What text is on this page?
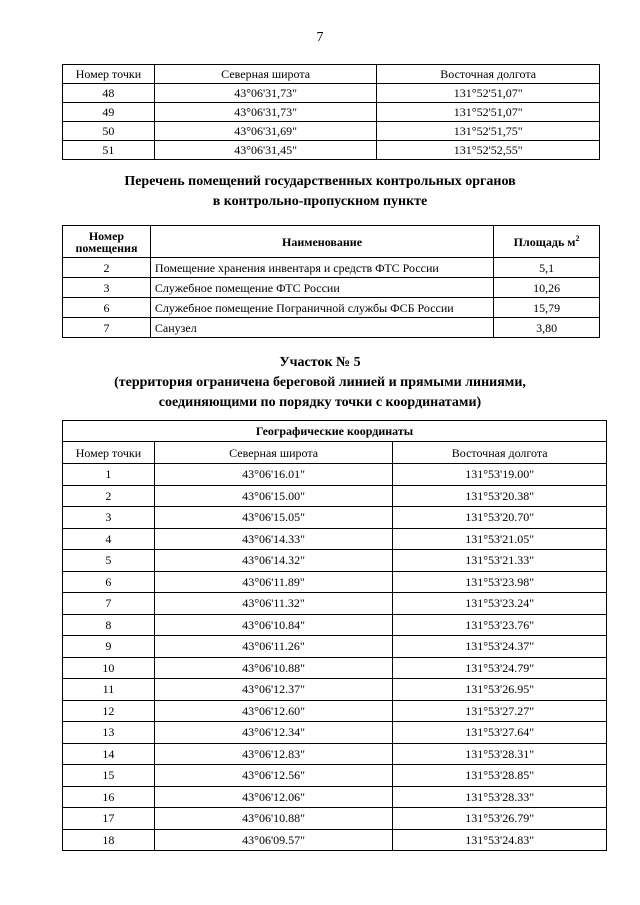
7
Номер точки	Северная широта	Восточная долгота
48	43°06'31,73"	131°52'51,07"
49	43°06'31,73"	131°52'51,07"
50	43°06'31,69"	131°52'51,75"
51	43°06'31,45"	131°52'52,55"
Перечень помещений государственных контрольных органов
в контрольно-пропускном пункте
Номер
помещения	Наименование	Площадь $м^2$
2	Помещение хранения инвентаря и средств ФТС России	5,1
3	Служебное помещение ФТС России	10,26
6	Служебное помещение Пограничной службы ФСБ России	15,79
7	Санузел	3,80
Участок № 5
(территория ограничена береговой линией и прямыми линиями,
соединяющими по порядку точки с координатами)
Географические координаты		
Номер точки	Северная широта	Восточная долгота
1	43°06'16.01"	131°53'19.00"
2	43°06'15.00"	131°53'20.38"
3	43°06'15.05"	131°53'20.70"
4	43°06'14.33"	131°53'21.05"
5	43°06'14.32"	131°53'21.33"
6	43°06'11.89"	131°53'23.98"
7	43°06'11.32"	131°53'23.24"
8	43°06'10.84"	131°53'23.76"
9	43°06'11.26"	131°53'24.37"
10	43°06'10.88"	131°53'24.79"
11	43°06'12.37"	131°53'26.95"
12	43°06'12.60"	131°53'27.27"
13	43°06'12.34"	131°53'27.64"
14	43°06'12.83"	131°53'28.31"
15	43°06'12.56"	131°53'28.85"
16	43°06'12.06"	131°53'28.33"
17	43°06'10.88"	131°53'26.79"
18	43°06'09.57"	131°53'24.83"
